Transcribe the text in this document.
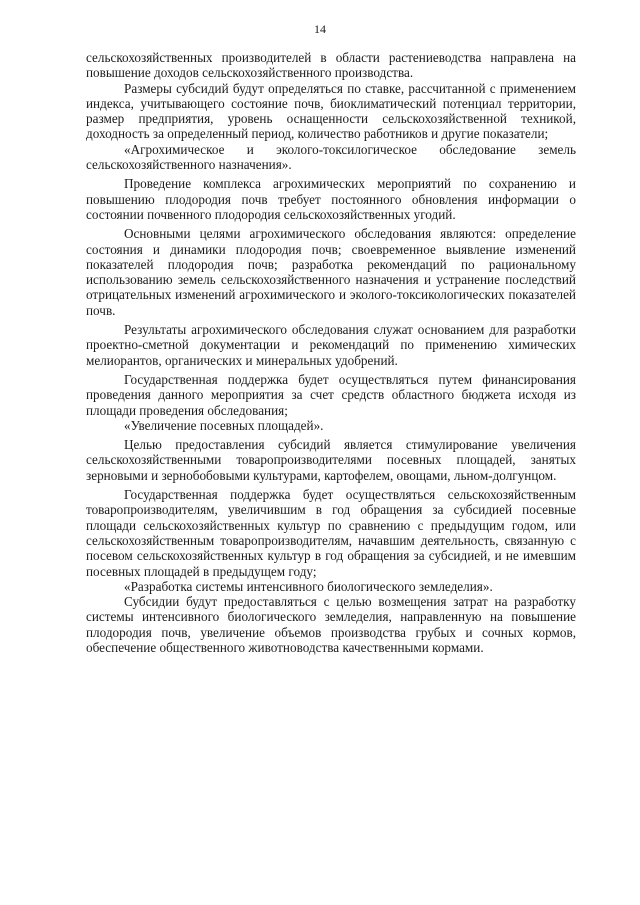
14

сельскохозяйственных производителей в области растениеводства направлена на повышение доходов сельскохозяйственного производства.

Размеры субсидий будут определяться по ставке, рассчитанной с применением индекса, учитывающего состояние почв, биоклиматический потенциал территории, размер предприятия, уровень оснащенности сельскохозяйственной техникой, доходность за определенный период, количество работников и другие показатели;

«Агрохимическое и эколого-токсилогическое обследование земель сельскохозяйственного назначения».

Проведение комплекса агрохимических мероприятий по сохранению и повышению плодородия почв требует постоянного обновления информации о состоянии почвенного плодородия сельскохозяйственных угодий.

Основными целями агрохимического обследования являются: определение состояния и динамики плодородия почв; своевременное выявление изменений показателей плодородия почв; разработка рекомендаций по рациональному использованию земель сельскохозяйственного назначения и устранение последствий отрицательных изменений агрохимического и эколого-токсикологических показателей почв.

Результаты агрохимического обследования служат основанием для разработки проектно-сметной документации и рекомендаций по применению химических мелиорантов, органических и минеральных удобрений.

Государственная поддержка будет осуществляться путем финансирования проведения данного мероприятия за счет средств областного бюджета исходя из площади проведения обследования;

«Увеличение посевных площадей».

Целью предоставления субсидий является стимулирование увеличения сельскохозяйственными товаропроизводителями посевных площадей, занятых зерновыми и зернобобовыми культурами, картофелем, овощами, льном-долгунцом.

Государственная поддержка будет осуществляться сельскохозяйственным товаропроизводителям, увеличившим в год обращения за субсидией посевные площади сельскохозяйственных культур по сравнению с предыдущим годом, или сельскохозяйственным товаропроизводителям, начавшим деятельность, связанную с посевом сельскохозяйственных культур в год обращения за субсидией, и не имевшим посевных площадей в предыдущем году;

«Разработка системы интенсивного биологического земледелия».

Субсидии будут предоставляться с целью возмещения затрат на разработку системы интенсивного биологического земледелия, направленную на повышение плодородия почв, увеличение объемов производства грубых и сочных кормов, обеспечение общественного животноводства качественными кормами.
